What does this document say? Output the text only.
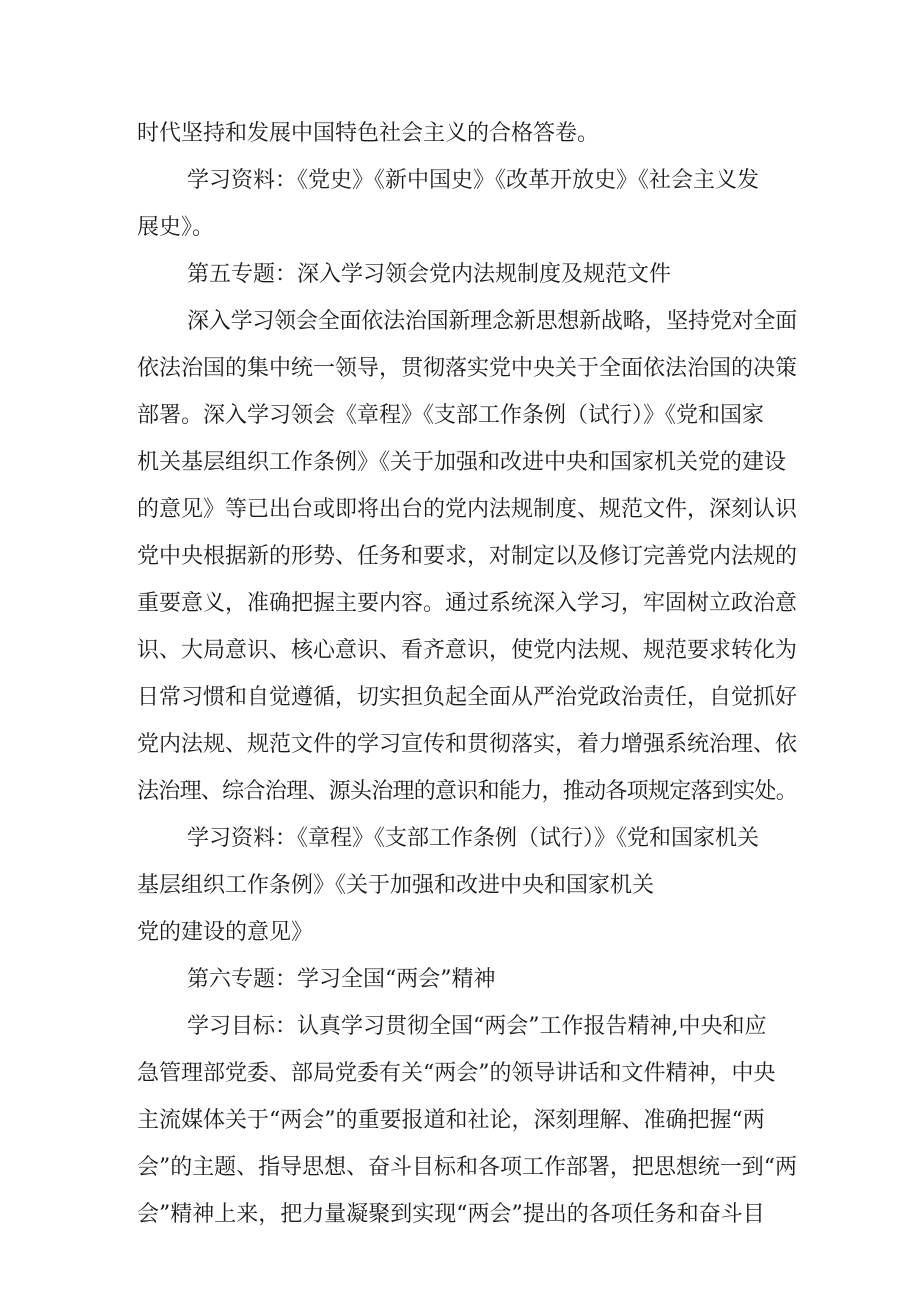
时代坚持和发展中国特色社会主义的合格答卷。
学习资料：《党史》《新中国史》《改革开放史》《社会主义发
展史》。
第五专题：深入学习领会党内法规制度及规范文件
深入学习领会全面依法治国新理念新思想新战略，坚持党对全面
依法治国的集中统一领导，贯彻落实党中央关于全面依法治国的决策
部署。深入学习领会《章程》《支部工作条例（试行）》《党和国家
机关基层组织工作条例》《关于加强和改进中央和国家机关党的建设
的意见》等已出台或即将出台的党内法规制度、规范文件，深刻认识
党中央根据新的形势、任务和要求，对制定以及修订完善党内法规的
重要意义，准确把握主要内容。通过系统深入学习，牢固树立政治意
识、大局意识、核心意识、看齐意识，使党内法规、规范要求转化为
日常习惯和自觉遵循，切实担负起全面从严治党政治责任，自觉抓好
党内法规、规范文件的学习宣传和贯彻落实，着力增强系统治理、依
法治理、综合治理、源头治理的意识和能力，推动各项规定落到实处。
学习资料：《章程》《支部工作条例（试行）》《党和国家机关
基层组织工作条例》《关于加强和改进中央和国家机关
党的建设的意见》
第六专题：学习全国“两会”精神
学习目标：认真学习贯彻全国“两会”工作报告精神,中央和应
急管理部党委、部局党委有关“两会”的领导讲话和文件精神，中央
主流媒体关于“两会”的重要报道和社论，深刻理解、准确把握“两
会”的主题、指导思想、奋斗目标和各项工作部署，把思想统一到“两
会”精神上来，把力量凝聚到实现“两会”提出的各项任务和奋斗目
